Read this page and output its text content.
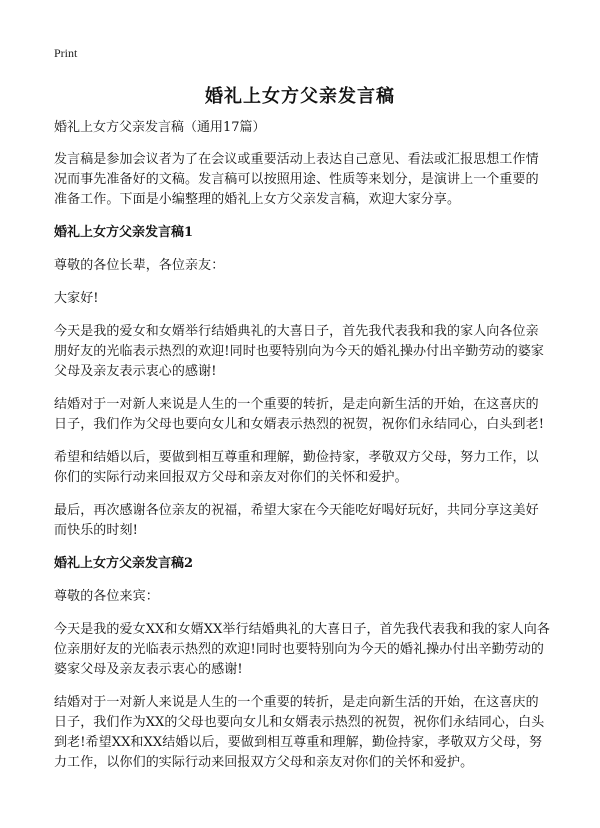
Print
婚礼上女方父亲发言稿

婚礼上女方父亲发言稿（通用17篇）

发言稿是参加会议者为了在会议或重要活动上表达自己意见、看法或汇报思想工作情况而事先准备好的文稿。发言稿可以按照用途、性质等来划分，是演讲上一个重要的准备工作。下面是小编整理的婚礼上女方父亲发言稿，欢迎大家分享。

婚礼上女方父亲发言稿1

尊敬的各位长辈，各位亲友：

大家好!

今天是我的爱女和女婿举行结婚典礼的大喜日子，首先我代表我和我的家人向各位亲朋好友的光临表示热烈的欢迎!同时也要特别向为今天的婚礼操办付出辛勤劳动的婆家父母及亲友表示衷心的感谢!

结婚对于一对新人来说是人生的一个重要的转折，是走向新生活的开始，在这喜庆的日子，我们作为父母也要向女儿和女婿表示热烈的祝贺，祝你们永结同心，白头到老!

希望和结婚以后，要做到相互尊重和理解，勤俭持家，孝敬双方父母，努力工作，以你们的实际行动来回报双方父母和亲友对你们的关怀和爱护。

最后，再次感谢各位亲友的祝福，希望大家在今天能吃好喝好玩好，共同分享这美好而快乐的时刻!

婚礼上女方父亲发言稿2

尊敬的各位来宾：

今天是我的爱女XX和女婿XX举行结婚典礼的大喜日子，首先我代表我和我的家人向各位亲朋好友的光临表示热烈的欢迎!同时也要特别向为今天的婚礼操办付出辛勤劳动的婆家父母及亲友表示衷心的感谢!

结婚对于一对新人来说是人生的一个重要的转折，是走向新生活的开始，在这喜庆的日子，我们作为XX的父母也要向女儿和女婿表示热烈的祝贺，祝你们永结同心，白头到老!希望XX和XX结婚以后，要做到相互尊重和理解，勤俭持家，孝敬双方父母，努力工作，以你们的实际行动来回报双方父母和亲友对你们的关怀和爱护。
